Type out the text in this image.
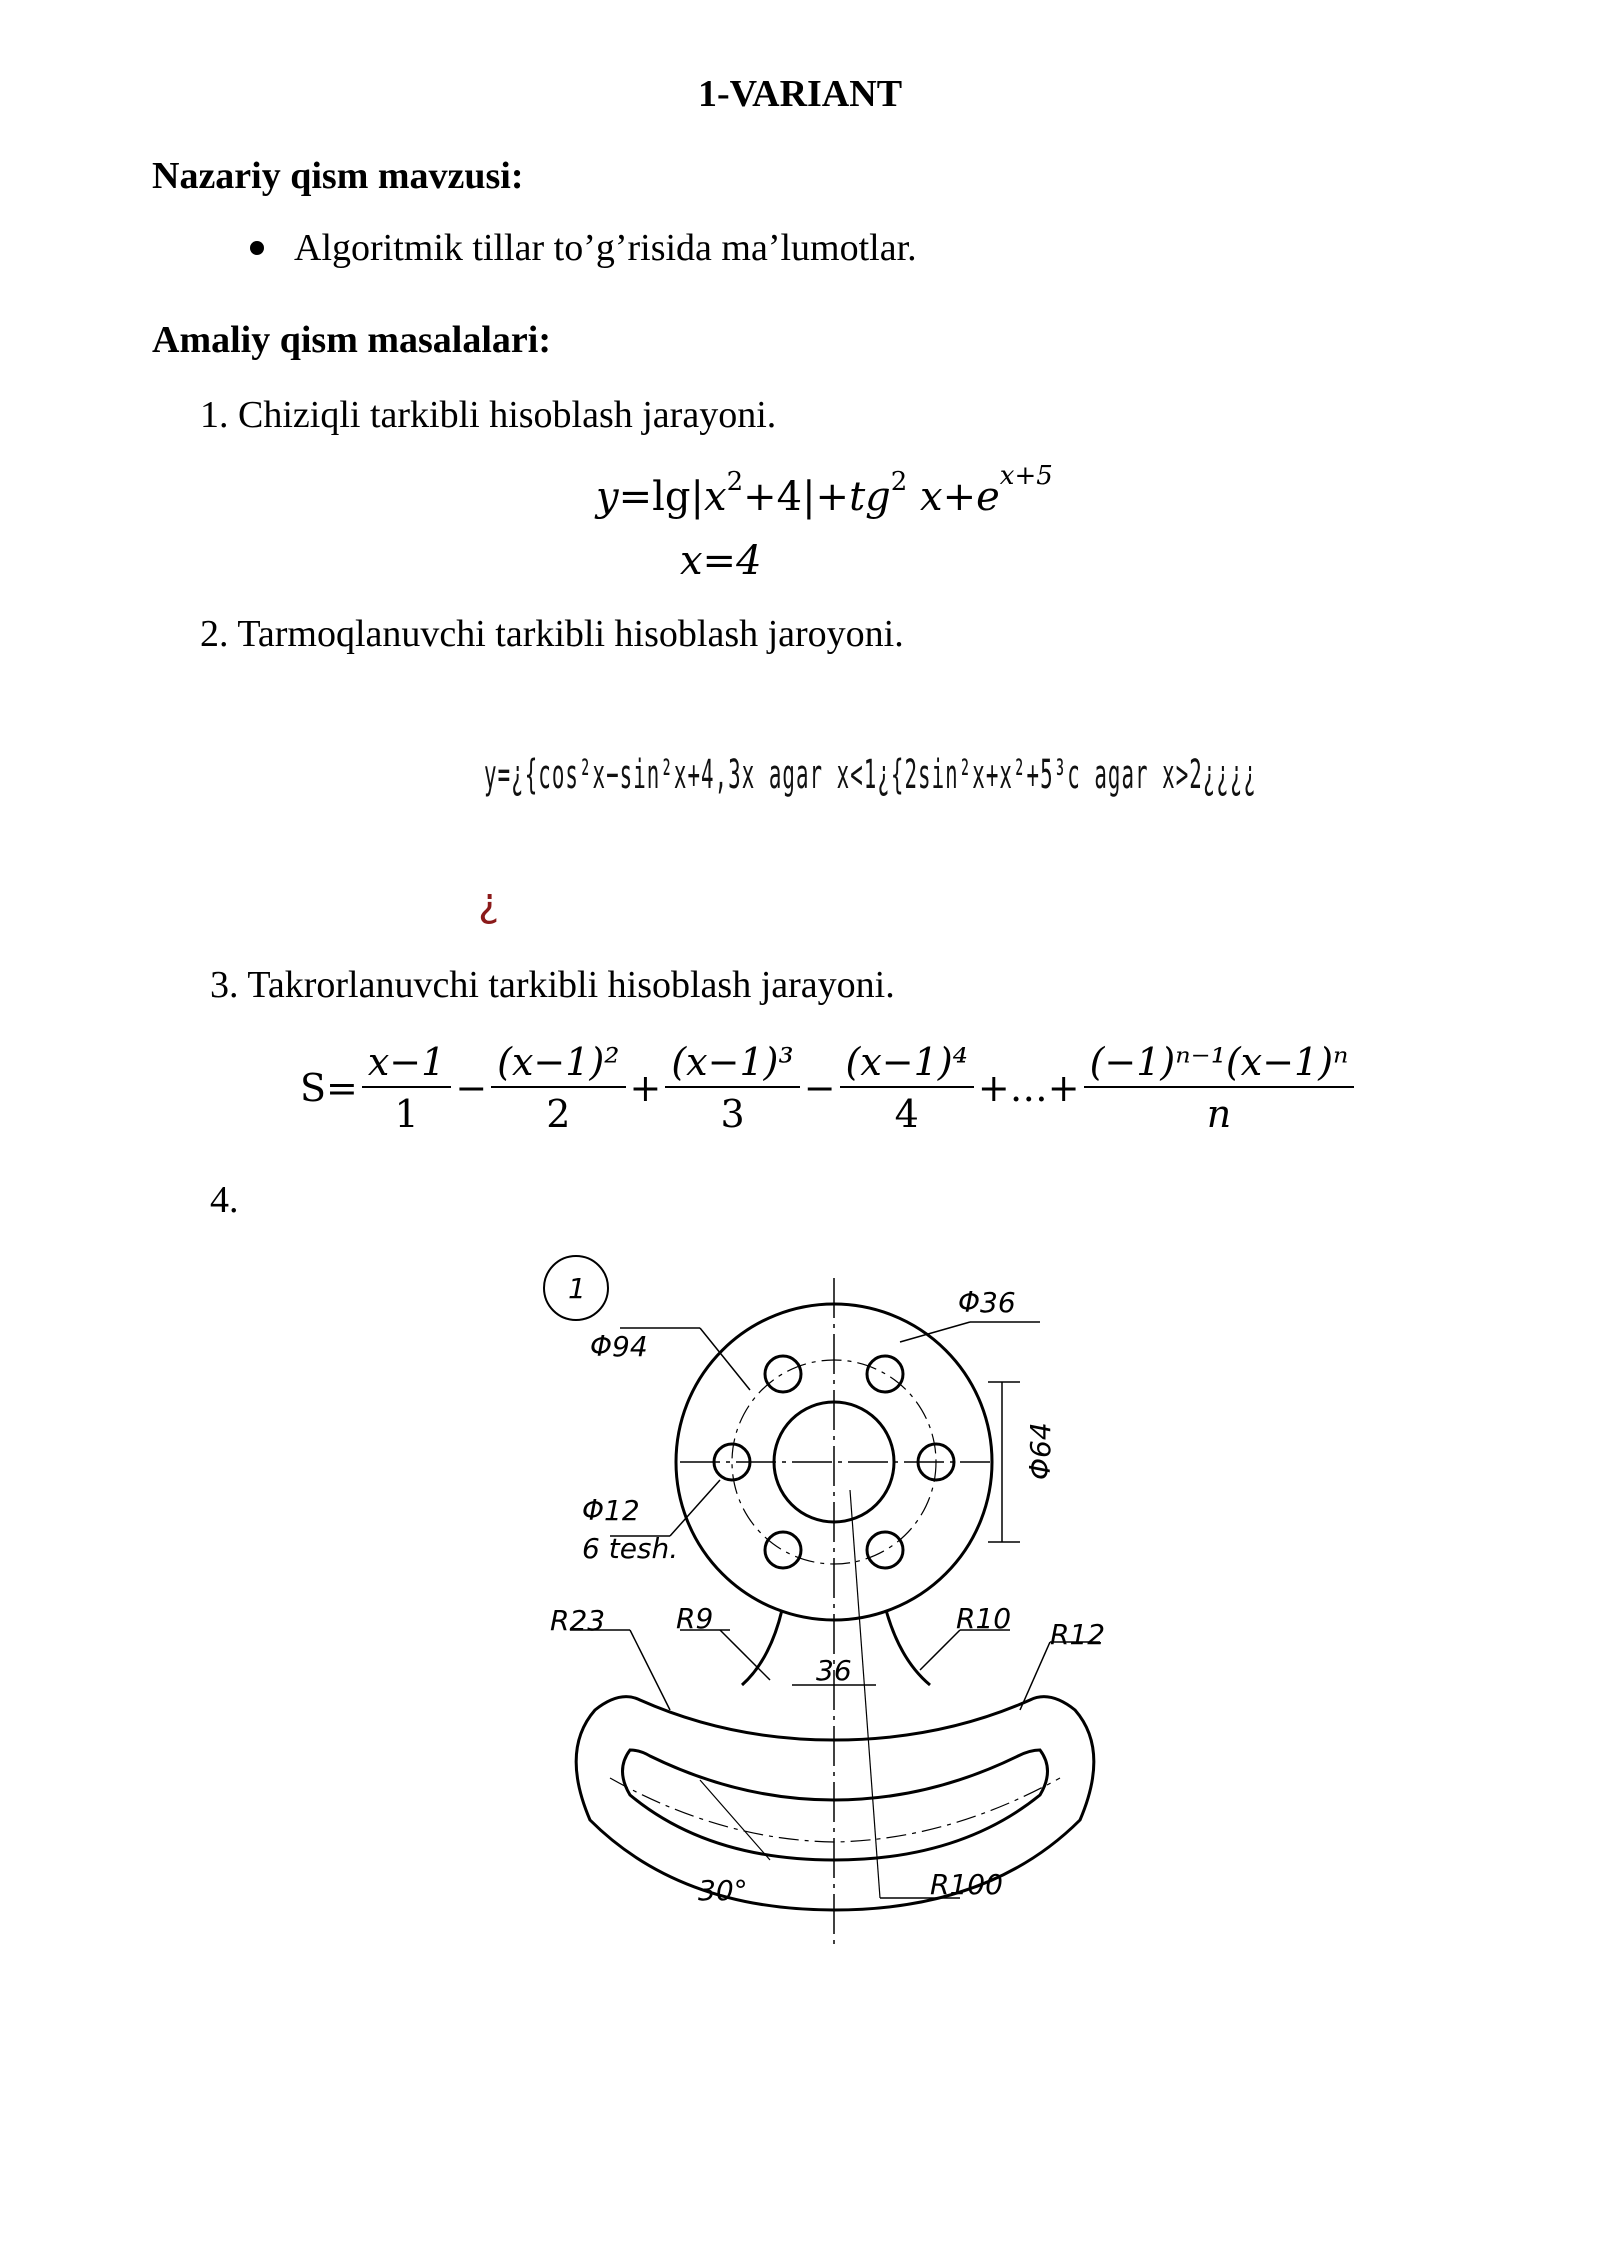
1-VARIANT
Nazariy qism mavzusi:
Algoritmik tillar to’g’risida ma’lumotlar.
Amaliy qism masalalari:
1. Chiziqli tarkibli hisoblash jarayoni.
$y=\lg|x^2+4|+tg^2$ $x+e^{x+5}$
x=4
2. Tarmoqlanuvchi tarkibli hisoblash jaroyoni.
y=¿{cos²x−sin²x+4,3x agar x<1¿{2sin²x+x²+5³c agar x>2¿¿¿¿
¿
3. Takrorlanuvchi tarkibli hisoblash jarayoni.
$S= \frac{x-1}{1} - \frac{\text{(x−1)²}}{2} + \frac{\text{(x−1)³}}{3} - \frac{\text{(x−1)⁴}}{4}$ +…+ $\frac{\text{(−1)ⁿ⁻¹(x−1)ⁿ}}{n}$
4.
1
Φ94
Φ36
Φ64
Φ12
6 tesh.
R23	R9	R10 R12
36
30°	R100
